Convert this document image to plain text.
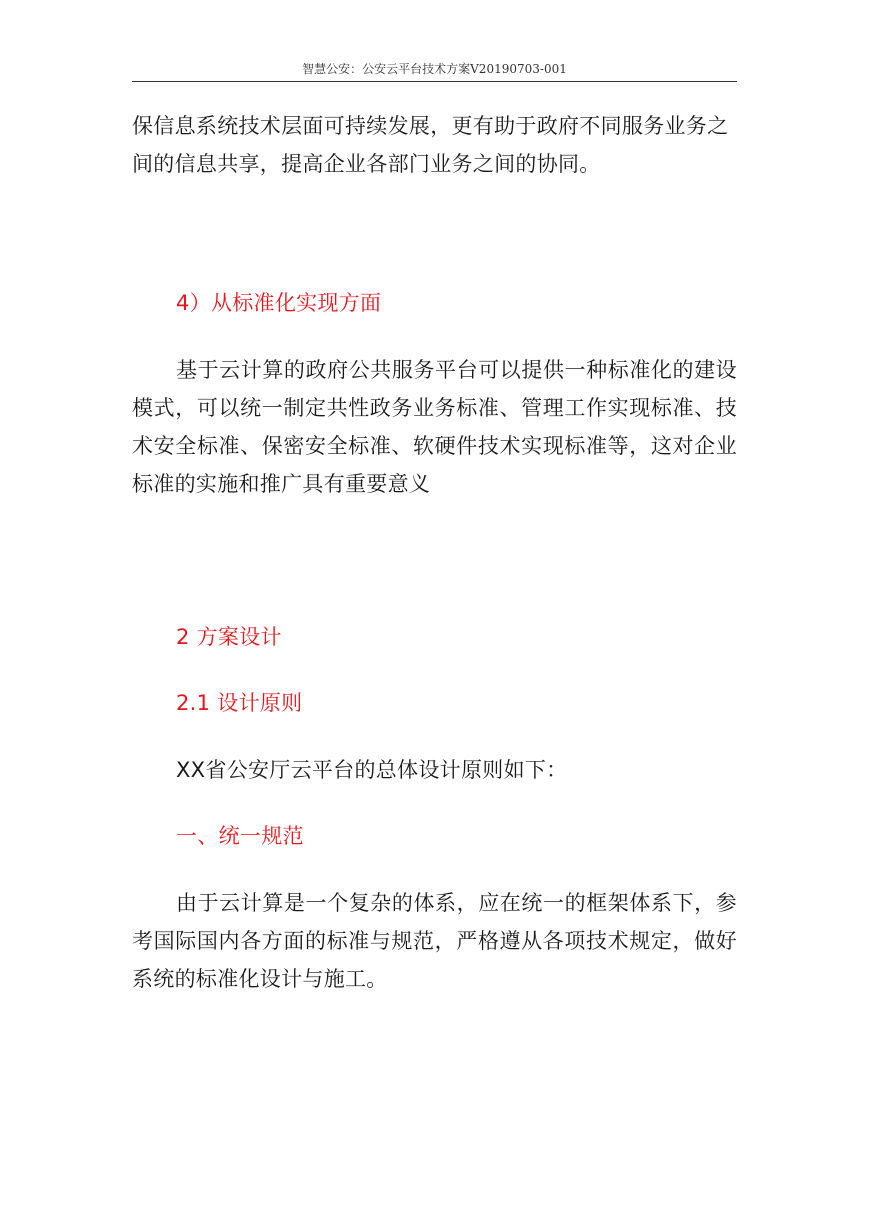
智慧公安：公安云平台技术方案V20190703-001
保信息系统技术层面可持续发展，更有助于政府不同服务业务之间的信息共享，提高企业各部门业务之间的协同。
4）从标准化实现方面
基于云计算的政府公共服务平台可以提供一种标准化的建设模式，可以统一制定共性政务业务标准、管理工作实现标准、技术安全标准、保密安全标准、软硬件技术实现标准等，这对企业标准的实施和推广具有重要意义
2 方案设计
2.1 设计原则
XX省公安厅云平台的总体设计原则如下：
一、统一规范
由于云计算是一个复杂的体系，应在统一的框架体系下，参考国际国内各方面的标准与规范，严格遵从各项技术规定，做好系统的标准化设计与施工。
